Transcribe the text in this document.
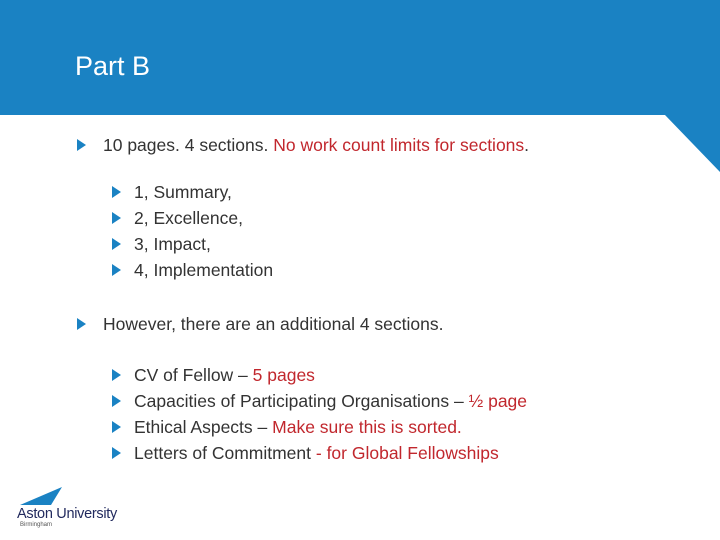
Part B
10 pages. 4 sections. No work count limits for sections.
1, Summary,
2, Excellence,
3, Impact,
4, Implementation
However, there are an additional 4 sections.
CV of Fellow – 5 pages
Capacities of Participating Organisations – ½ page
Ethical Aspects – Make sure this is sorted.
Letters of Commitment - for Global Fellowships
Aston University
Birmingham
